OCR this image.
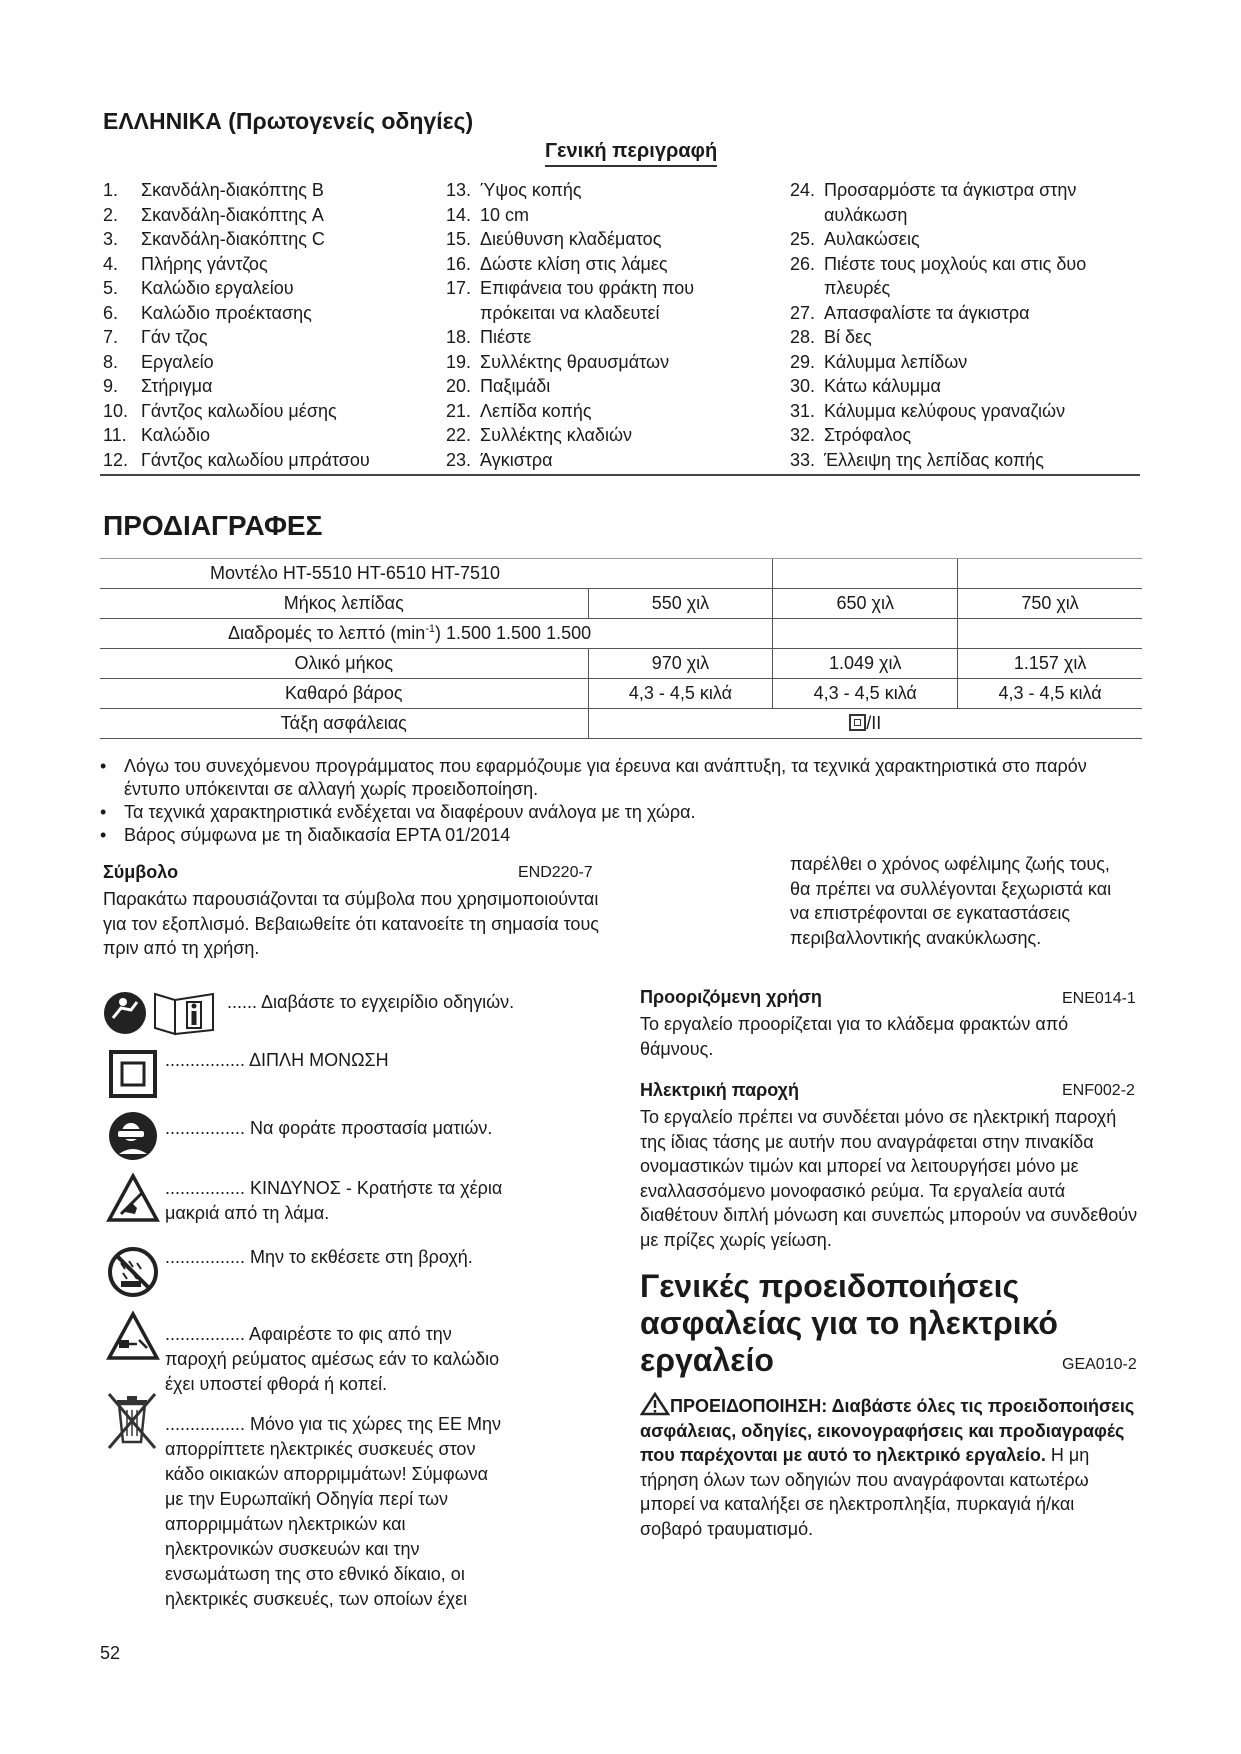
ΕΛΛΗΝΙΚΑ (Πρωτογενείς οδηγίες)
Γενική περιγραφή
1.	Σκανδάλη-διακόπτης B
2.	Σκανδάλη-διακόπτης A
3.	Σκανδάλη-διακόπτης C
4.	Πλήρης γάντζος
5.	Καλώδιο εργαλείου
6.	Καλώδιο προέκτασης
7.	Γάν τζος
8.	Εργαλείο
9.	Στήριγμα
10. Γάντζος καλωδίου μέσης
11. Καλώδιο
12. Γάντζος καλωδίου μπράτσου
13. Ύψος κοπής
14. 10 cm
15. Διεύθυνση κλαδέματος
16. Δώστε κλίση στις λάμες
17. Επιφάνεια του φράκτη που
πρόκειται να κλαδευτεί
18. Πιέστε
19. Συλλέκτης θραυσμάτων
20. Παξιμάδι
21. Λεπίδα κοπής
22. Συλλέκτης κλαδιών
23. Άγκιστρα
24. Προσαρμόστε τα άγκιστρα στην
αυλάκωση
25. Αυλακώσεις
26. Πιέστε τους μοχλούς και στις δυο
πλευρές
27. Απασφαλίστε τα άγκιστρα
28. Βί δες
29. Κάλυμμα λεπίδων
30. Κάτω κάλυμμα
31. Κάλυμμα κελύφους γραναζιών
32. Στρόφαλος
33. Έλλειψη της λεπίδας κοπής
ΠΡΟΔΙΑΓΡΑΦΕΣ
Μοντέλο HT-5510 HT-6510 HT-7510			
Μήκος λεπίδας	550 χιλ	650 χιλ	750 χιλ
Διαδρομές το λεπτό $(\min^{-1})$ 1.500 1.500 1.500			
Ολικό μήκος	970 χιλ	1.049 χιλ	1.157 χιλ
Καθαρό βάρος	4,3 - 4,5 κιλά	4,3 - 4,5 κιλά	4,3 - 4,5 κιλά
Τάξη ασφάλειας	/II		
• Λόγω του συνεχόμενου προγράμματος που εφαρμόζουμε για έρευνα και ανάπτυξη, τα τεχνικά χαρακτηριστικά στο παρόν έντυπο υπόκεινται σε αλλαγή χωρίς προειδοποίηση.
• Τα τεχνικά χαρακτηριστικά ενδέχεται να διαφέρουν ανάλογα με τη χώρα.
• Βάρος σύμφωνα με τη διαδικασία EPTA 01/2014
Σύμβολο	END220-7
Παρακάτω παρουσιάζονται τα σύμβολα που χρησιμοποιούνται για τον εξοπλισμό. Βεβαιωθείτε ότι κατανοείτε τη σημασία τους πριν από τη χρήση.
...... Διαβάστε το εγχειρίδιο οδηγιών.
................ ΔΙΠΛΗ ΜΟΝΩΣΗ
................ Να φοράτε προστασία ματιών.
................ ΚΙΝΔΥΝΟΣ - Κρατήστε τα χέρια μακριά από τη λάμα.
................ Μην το εκθέσετε στη βροχή.
................ Αφαιρέστε το φις από την παροχή ρεύματος αμέσως εάν το καλώδιο έχει υποστεί φθορά ή κοπεί.
................ Μόνο για τις χώρες της ΕΕ Μην απορρίπτετε ηλεκτρικές συσκευές στον κάδο οικιακών απορριμμάτων! Σύμφωνα με την Ευρωπαϊκή Οδηγία περί των απορριμμάτων ηλεκτρικών και ηλεκτρονικών συσκευών και την ενσωμάτωση της στο εθνικό δίκαιο, οι ηλεκτρικές συσκευές, των οποίων έχει
παρέλθει ο χρόνος ωφέλιμης ζωής τους, θα πρέπει να συλλέγονται ξεχωριστά και να επιστρέφονται σε εγκαταστάσεις περιβαλλοντικής ανακύκλωσης.
Προοριζόμενη χρήση	ENE014-1
Το εργαλείο προορίζεται για το κλάδεμα φρακτών από θάμνους.
Ηλεκτρική παροχή	ENF002-2
Το εργαλείο πρέπει να συνδέεται μόνο σε ηλεκτρική παροχή της ίδιας τάσης με αυτήν που αναγράφεται στην πινακίδα ονομαστικών τιμών και μπορεί να λειτουργήσει μόνο με εναλλασσόμενο μονοφασικό ρεύμα. Τα εργαλεία αυτά διαθέτουν διπλή μόνωση και συνεπώς μπορούν να συνδεθούν με πρίζες χωρίς γείωση.
Γενικές προειδοποιήσεις ασφαλείας για το ηλεκτρικό εργαλείο	GEA010-2
ΠΡΟΕΙΔΟΠΟΙΗΣΗ: Διαβάστε όλες τις προειδοποιήσεις ασφάλειας, οδηγίες, εικονογραφήσεις και προδιαγραφές που παρέχονται με αυτό το ηλεκτρικό εργαλείο. Η μη τήρηση όλων των οδηγιών που αναγράφονται κατωτέρω μπορεί να καταλήξει σε ηλεκτροπληξία, πυρκαγιά ή/και σοβαρό τραυματισμό.
52
